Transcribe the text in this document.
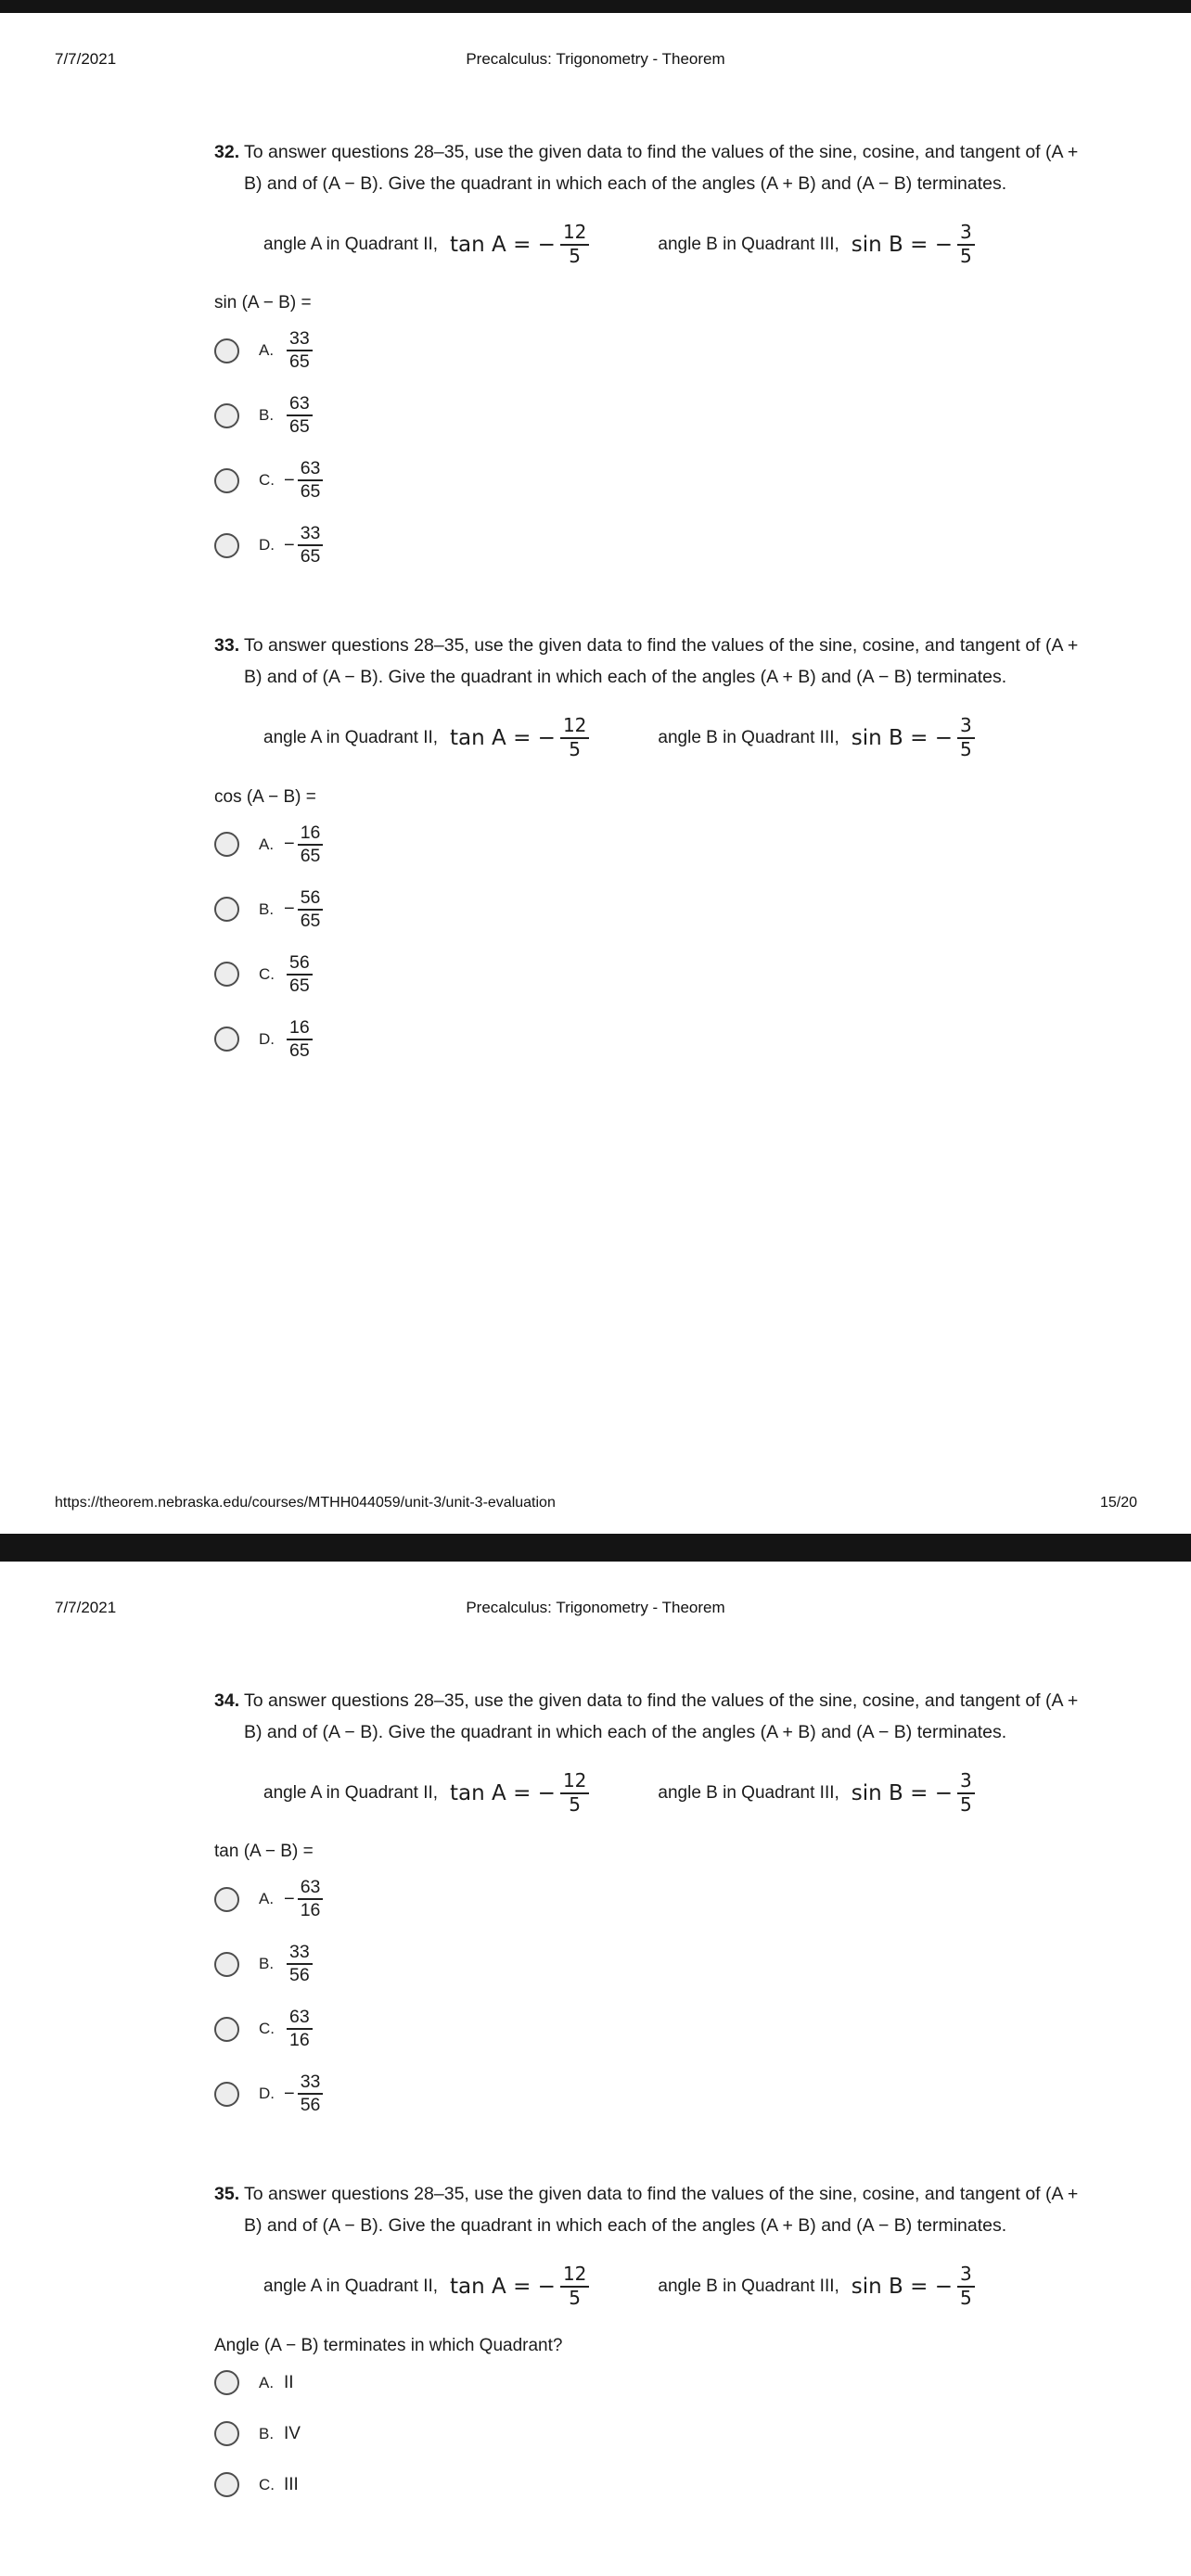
7/7/2021	Precalculus: Trigonometry - Theorem
32. To answer questions 28–35, use the given data to find the values of the sine, cosine, and tangent of (A + B) and of (A − B). Give the quadrant in which each of the angles (A + B) and (A − B) terminates.
angle A in Quadrant II, tan A = − $\frac{12}{5}$	angle B in Quadrant III, sin B = − $\frac{3}{5}$
sin (A − B) =
A. $\frac{33}{65}$
B. $\frac{63}{65}$
C. − $\frac{63}{65}$
D. − $\frac{33}{65}$
33. To answer questions 28–35, use the given data to find the values of the sine, cosine, and tangent of (A + B) and of (A − B). Give the quadrant in which each of the angles (A + B) and (A − B) terminates.
angle A in Quadrant II, tan A = − $\frac{12}{5}$	angle B in Quadrant III, sin B = − $\frac{3}{5}$
cos (A − B) =
A. − $\frac{16}{65}$
B. − $\frac{56}{65}$
C. $\frac{56}{65}$
D. $\frac{16}{65}$
https://theorem.nebraska.edu/courses/MTHH044059/unit-3/unit-3-evaluation	15/20
7/7/2021	Precalculus: Trigonometry - Theorem
34. To answer questions 28–35, use the given data to find the values of the sine, cosine, and tangent of (A + B) and of (A − B). Give the quadrant in which each of the angles (A + B) and (A − B) terminates.
angle A in Quadrant II, tan A = − $\frac{12}{5}$	angle B in Quadrant III, sin B = − $\frac{3}{5}$
tan (A − B) =
A. − $\frac{63}{16}$
B. $\frac{33}{56}$
C. $\frac{63}{16}$
D. − $\frac{33}{56}$
35. To answer questions 28–35, use the given data to find the values of the sine, cosine, and tangent of (A + B) and of (A − B). Give the quadrant in which each of the angles (A + B) and (A − B) terminates.
angle A in Quadrant II, tan A = − $\frac{12}{5}$	angle B in Quadrant III, sin B = − $\frac{3}{5}$
Angle (A − B) terminates in which Quadrant?
A. II
B. IV
C. III
